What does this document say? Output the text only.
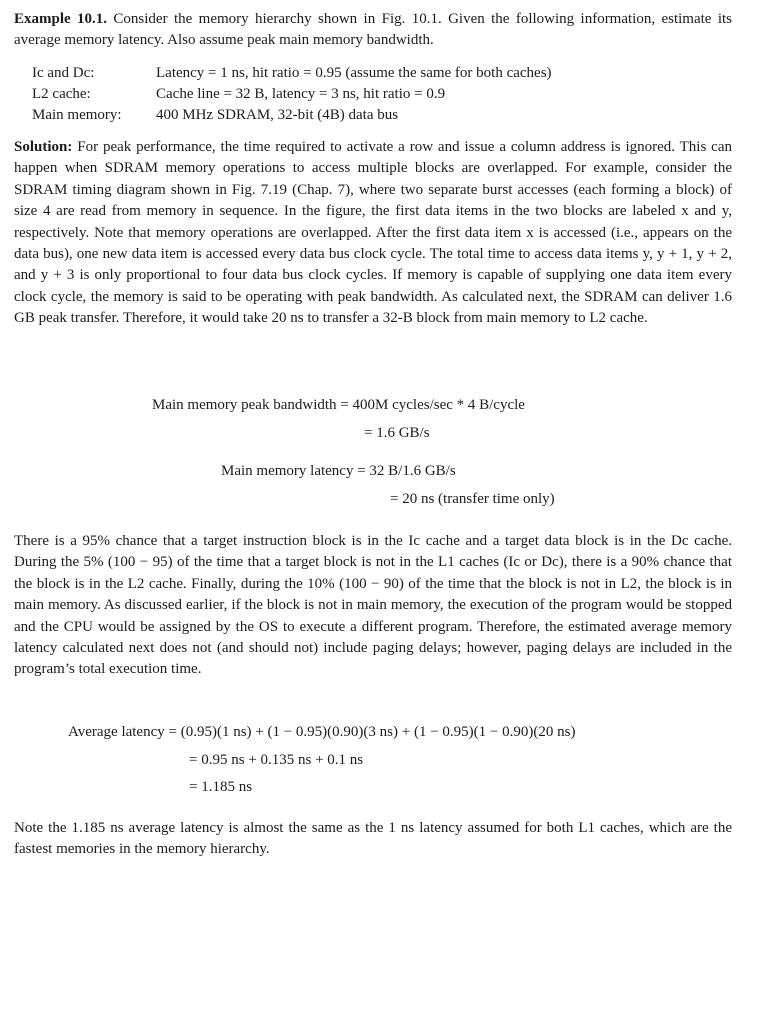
Example 10.1. Consider the memory hierarchy shown in Fig. 10.1. Given the following information, estimate its average memory latency. Also assume peak main memory bandwidth.

Ic and Dc:	Latency = 1 ns, hit ratio = 0.95 (assume the same for both caches)
L2 cache:	Cache line = 32 B, latency = 3 ns, hit ratio = 0.9
Main memory:	400 MHz SDRAM, 32-bit (4B) data bus

Solution: For peak performance, the time required to activate a row and issue a column address is ignored. This can happen when SDRAM memory operations to access multiple blocks are overlapped. For example, consider the SDRAM timing diagram shown in Fig. 7.19 (Chap. 7), where two separate burst accesses (each forming a block) of size 4 are read from memory in sequence. In the figure, the first data items in the two blocks are labeled x and y, respectively. Note that memory operations are overlapped. After the first data item x is accessed (i.e., appears on the data bus), one new data item is accessed every data bus clock cycle. The total time to access data items y, y + 1, y + 2, and y + 3 is only proportional to four data bus clock cycles. If memory is capable of supplying one data item every clock cycle, the memory is said to be operating with peak bandwidth. As calculated next, the SDRAM can deliver 1.6 GB peak transfer. Therefore, it would take 20 ns to transfer a 32-B block from main memory to L2 cache.

Main memory peak bandwidth = 400M cycles/sec * 4 B/cycle
= 1.6 GB/s
Main memory latency = 32 B/1.6 GB/s
= 20 ns (transfer time only)

There is a 95% chance that a target instruction block is in the Ic cache and a target data block is in the Dc cache. During the 5% (100 − 95) of the time that a target block is not in the L1 caches (Ic or Dc), there is a 90% chance that the block is in the L2 cache. Finally, during the 10% (100 − 90) of the time that the block is not in L2, the block is in main memory. As discussed earlier, if the block is not in main memory, the execution of the program would be stopped and the CPU would be assigned by the OS to execute a different program. Therefore, the estimated average memory latency calculated next does not (and should not) include paging delays; however, paging delays are included in the program’s total execution time.

Average latency = (0.95)(1 ns) + (1 − 0.95)(0.90)(3 ns) + (1 − 0.95)(1 − 0.90)(20 ns)
= 0.95 ns + 0.135 ns + 0.1 ns
= 1.185 ns

Note the 1.185 ns average latency is almost the same as the 1 ns latency assumed for both L1 caches, which are the fastest memories in the memory hierarchy.
